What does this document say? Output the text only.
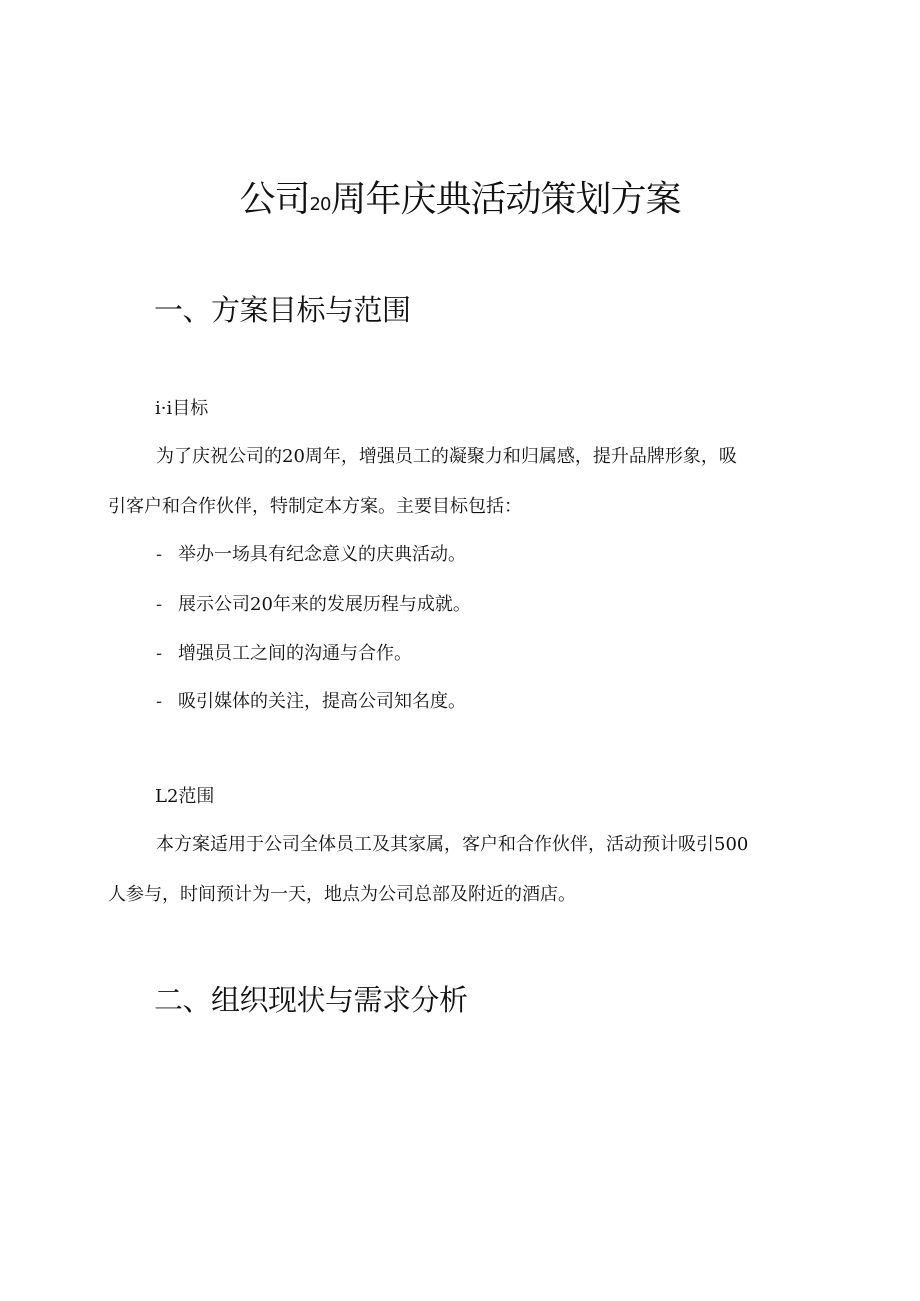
公司20周年庆典活动策划方案
一、方案目标与范围
i·i目标

为了庆祝公司的20周年，增强员工的凝聚力和归属感，提升品牌形象，吸
引客户和合作伙伴，特制定本方案。主要目标包括：

- 举办一场具有纪念意义的庆典活动。
- 展示公司20年来的发展历程与成就。
- 增强员工之间的沟通与合作。
- 吸引媒体的关注，提高公司知名度。
L2范围

本方案适用于公司全体员工及其家属，客户和合作伙伴，活动预计吸引500
人参与，时间预计为一天，地点为公司总部及附近的酒店。

二、组织现状与需求分析
